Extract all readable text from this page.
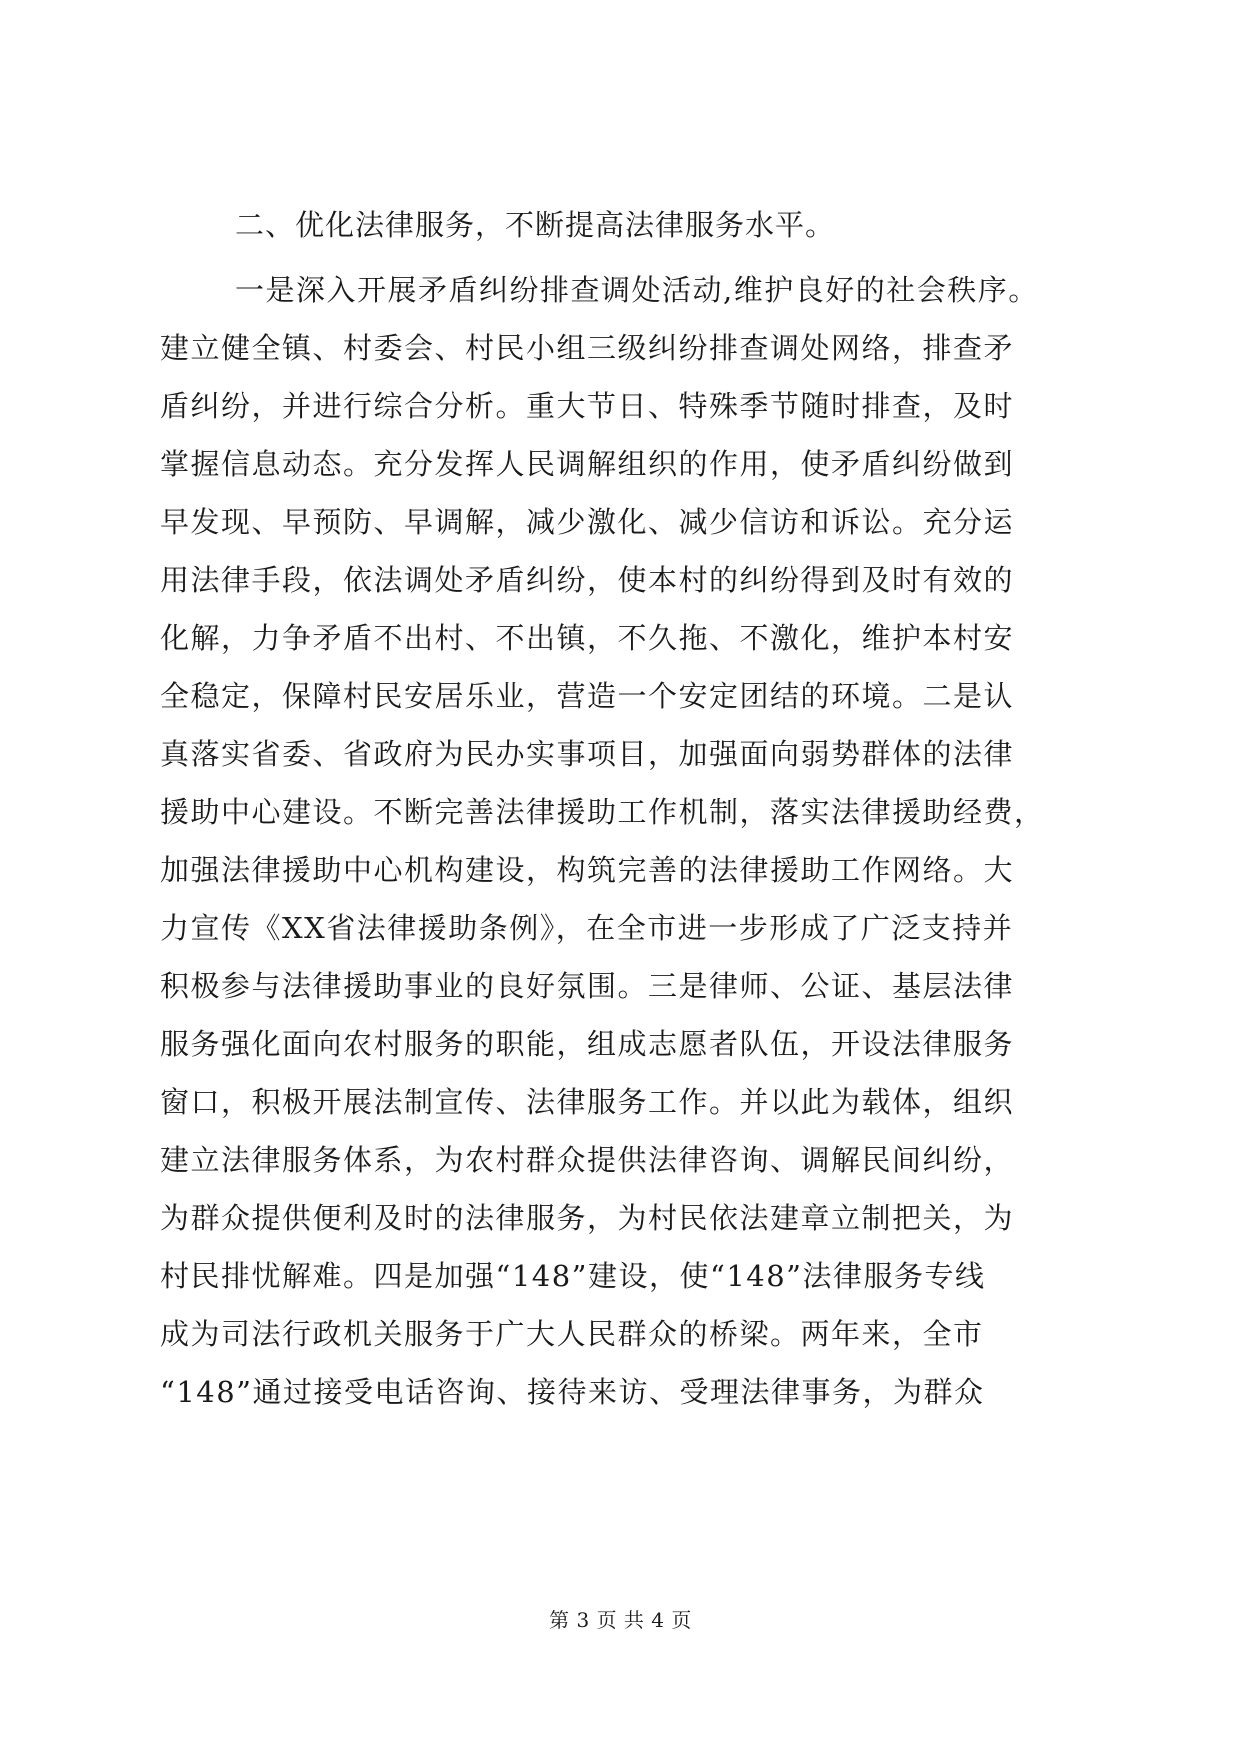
二、优化法律服务，不断提高法律服务水平。
一是深入开展矛盾纠纷排查调处活动,维护良好的社会秩序。
建立健全镇、村委会、村民小组三级纠纷排查调处网络，排查矛
盾纠纷，并进行综合分析。重大节日、特殊季节随时排查，及时
掌握信息动态。充分发挥人民调解组织的作用，使矛盾纠纷做到
早发现、早预防、早调解，减少激化、减少信访和诉讼。充分运
用法律手段，依法调处矛盾纠纷，使本村的纠纷得到及时有效的
化解，力争矛盾不出村、不出镇，不久拖、不激化，维护本村安
全稳定，保障村民安居乐业，营造一个安定团结的环境。二是认
真落实省委、省政府为民办实事项目，加强面向弱势群体的法律
援助中心建设。不断完善法律援助工作机制，落实法律援助经费，
加强法律援助中心机构建设，构筑完善的法律援助工作网络。大
力宣传《XX省法律援助条例》，在全市进一步形成了广泛支持并
积极参与法律援助事业的良好氛围。三是律师、公证、基层法律
服务强化面向农村服务的职能，组成志愿者队伍，开设法律服务
窗口，积极开展法制宣传、法律服务工作。并以此为载体，组织
建立法律服务体系，为农村群众提供法律咨询、调解民间纠纷，
为群众提供便利及时的法律服务，为村民依法建章立制把关，为
村民排忧解难。四是加强“148”建设，使“148”法律服务专线
成为司法行政机关服务于广大人民群众的桥梁。两年来，全市
“148”通过接受电话咨询、接待来访、受理法律事务，为群众
第 3 页 共 4 页
